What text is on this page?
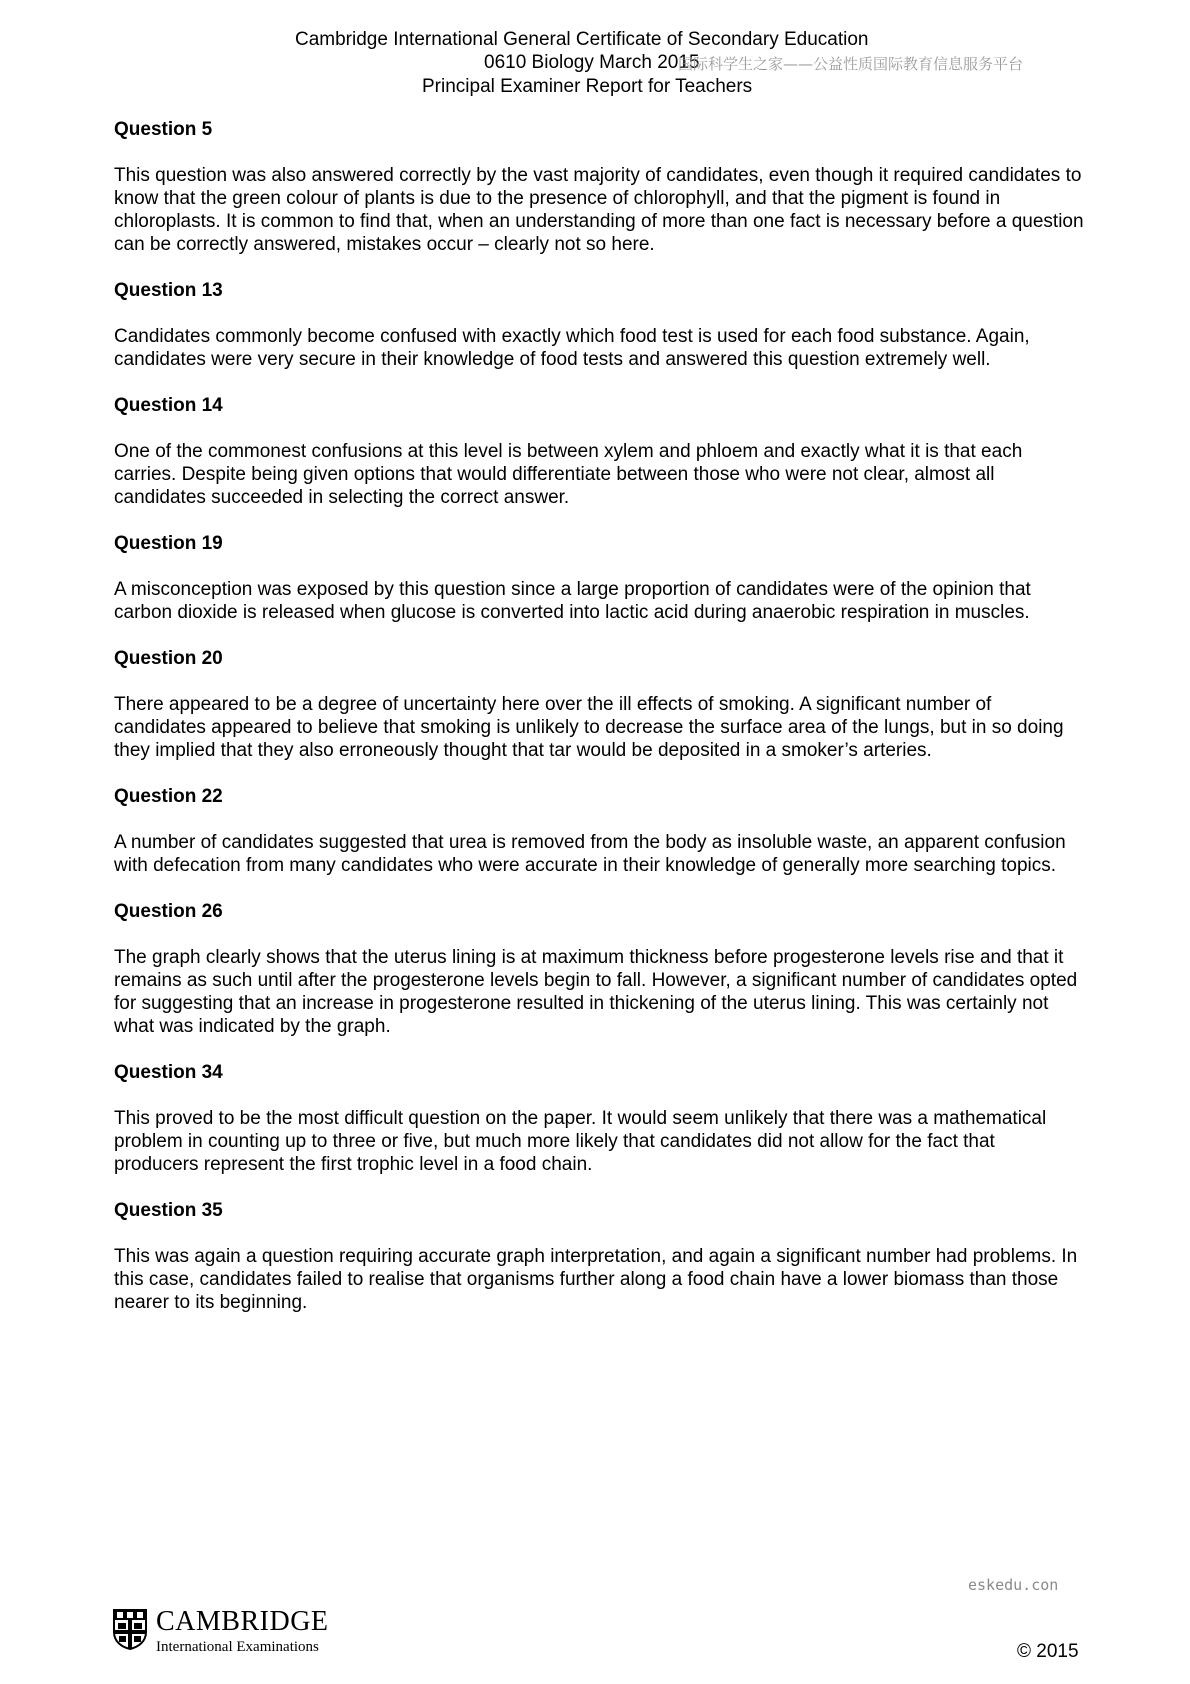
Cambridge International General Certificate of Secondary Education
0610 Biology March 2015
Principal Examiner Report for Teachers
国际科学生之家——公益性质国际教育信息服务平台

Question 5

This question was also answered correctly by the vast majority of candidates, even though it required candidates to know that the green colour of plants is due to the presence of chlorophyll, and that the pigment is found in chloroplasts. It is common to find that, when an understanding of more than one fact is necessary before a question can be correctly answered, mistakes occur – clearly not so here.

Question 13

Candidates commonly become confused with exactly which food test is used for each food substance. Again, candidates were very secure in their knowledge of food tests and answered this question extremely well.

Question 14

One of the commonest confusions at this level is between xylem and phloem and exactly what it is that each carries. Despite being given options that would differentiate between those who were not clear, almost all candidates succeeded in selecting the correct answer.

Question 19

A misconception was exposed by this question since a large proportion of candidates were of the opinion that carbon dioxide is released when glucose is converted into lactic acid during anaerobic respiration in muscles.

Question 20

There appeared to be a degree of uncertainty here over the ill effects of smoking. A significant number of candidates appeared to believe that smoking is unlikely to decrease the surface area of the lungs, but in so doing they implied that they also erroneously thought that tar would be deposited in a smoker’s arteries.

Question 22

A number of candidates suggested that urea is removed from the body as insoluble waste, an apparent confusion with defecation from many candidates who were accurate in their knowledge of generally more searching topics.

Question 26

The graph clearly shows that the uterus lining is at maximum thickness before progesterone levels rise and that it remains as such until after the progesterone levels begin to fall. However, a significant number of candidates opted for suggesting that an increase in progesterone resulted in thickening of the uterus lining. This was certainly not what was indicated by the graph.

Question 34

This proved to be the most difficult question on the paper. It would seem unlikely that there was a mathematical problem in counting up to three or five, but much more likely that candidates did not allow for the fact that producers represent the first trophic level in a food chain.

Question 35

This was again a question requiring accurate graph interpretation, and again a significant number had problems. In this case, candidates failed to realise that organisms further along a food chain have a lower biomass than those nearer to its beginning.

eskedu.con
CAMBRIDGE
International Examinations	© 2015
